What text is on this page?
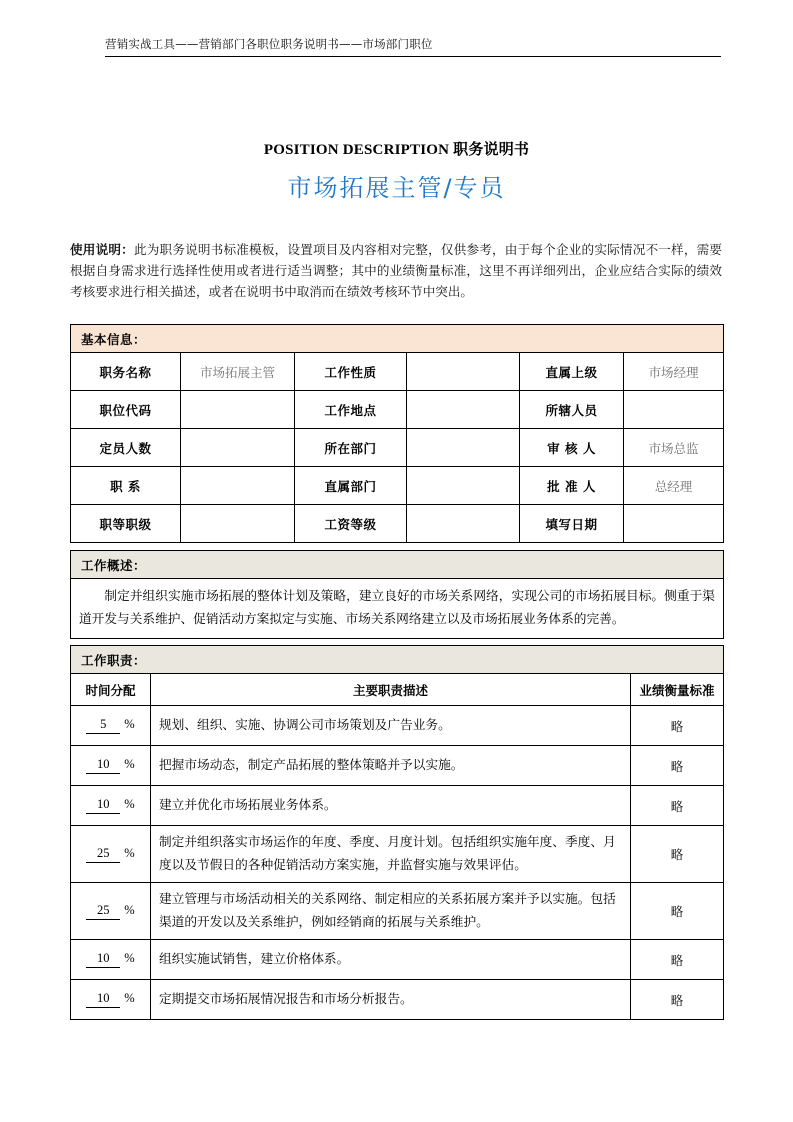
营销实战工具——营销部门各职位职务说明书——市场部门职位
POSITION DESCRIPTION 职务说明书
市场拓展主管/专员
使用说明：此为职务说明书标准模板，设置项目及内容相对完整，仅供参考，由于每个企业的实际情况不一样，需要根据自身需求进行选择性使用或者进行适当调整；其中的业绩衡量标准，这里不再详细列出，企业应结合实际的绩效考核要求进行相关描述，或者在说明书中取消而在绩效考核环节中突出。
基本信息：					
职务名称	市场拓展主管	工作性质		直属上级	市场经理
职位代码		工作地点		所辖人员	
定员人数		所在部门		审 核 人	市场总监
职 系		直属部门		批 准 人	总经理
职等职级		工资等级		填写日期	
工作概述：
制定并组织实施市场拓展的整体计划及策略，建立良好的市场关系网络，实现公司的市场拓展目标。侧重于渠道开发与关系维护、促销活动方案拟定与实施、市场关系网络建立以及市场拓展业务体系的完善。
工作职责：		
时间分配	主要职责描述	业绩衡量标准
5 %	规划、组织、实施、协调公司市场策划及广告业务。	略
10 %	把握市场动态，制定产品拓展的整体策略并予以实施。	略
10 %	建立并优化市场拓展业务体系。	略
25 %	制定并组织落实市场运作的年度、季度、月度计划。包括组织实施年度、季度、月度以及节假日的各种促销活动方案实施，并监督实施与效果评估。	略
25 %	建立管理与市场活动相关的关系网络、制定相应的关系拓展方案并予以实施。包括渠道的开发以及关系维护，例如经销商的拓展与关系维护。	略
10 %	组织实施试销售，建立价格体系。	略
10 %	定期提交市场拓展情况报告和市场分析报告。	略
